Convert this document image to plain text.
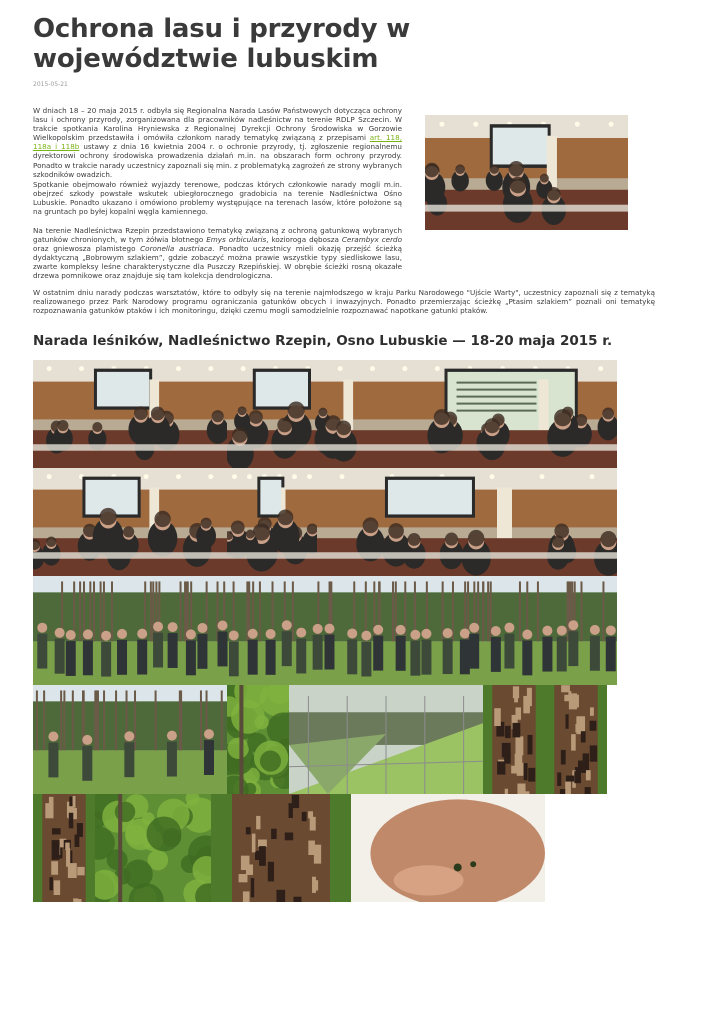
Ochrona lasu i przyrody w województwie lubuskim
2015-05-21

W dniach 18 – 20 maja 2015 r. odbyła się Regionalna Narada Lasów Państwowych dotycząca ochrony lasu i ochrony przyrody, zorganizowana dla pracowników nadleśnictw na terenie RDLP Szczecin. W trakcie spotkania Karolina Hryniewska z Regionalnej Dyrekcji Ochrony Środowiska w Gorzowie Wielkopolskim przedstawiła i omówiła członkom narady tematykę związaną z przepisami art. 118, 118a i 118b ustawy z dnia 16 kwietnia 2004 r. o ochronie przyrody, tj. zgłoszenie regionalnemu dyrektorowi ochrony środowiska prowadzenia działań m.in. na obszarach form ochrony przyrody. Ponadto w trakcie narady uczestnicy zapoznali się min. z problematyką zagrożeń ze strony wybranych szkodników owadzich.

Spotkanie obejmowało również wyjazdy terenowe, podczas których członkowie narady mogli m.in. obejrzeć szkody powstałe wskutek ubiegłorocznego gradobicia na terenie Nadleśnictwa Ośno Lubuskie. Ponadto ukazano i omówiono problemy występujące na terenach lasów, które położone są na gruntach po byłej kopalni węgla kamiennego.

Na terenie Nadleśnictwa Rzepin przedstawiono tematykę związaną z ochroną gatunkową wybranych gatunków chronionych, w tym żółwia błotnego Emys orbicularis, kozioroga dębosza Cerambyx cerdo oraz gniewosza plamistego Coronella austriaca. Ponadto uczestnicy mieli okazję przejść ścieżką dydaktyczną „Bobrowym szlakiem”, gdzie zobaczyć można prawie wszystkie typy siedliskowe lasu, zwarte kompleksy leśne charakterystyczne dla Puszczy Rzepińskiej. W obrębie ścieżki rosną okazałe drzewa pomnikowe oraz znajduje się tam kolekcja dendrologiczna.

W ostatnim dniu narady podczas warsztatów, które to odbyły się na terenie najmłodszego w kraju Parku Narodowego "Ujście Warty", uczestnicy zapoznali się z tematyką realizowanego przez Park Narodowy programu ograniczania gatunków obcych i inwazyjnych. Ponadto przemierzając ścieżkę „Ptasim szlakiem” poznali oni tematykę rozpoznawania gatunków ptaków i ich monitoringu, dzięki czemu mogli samodzielnie rozpoznawać napotkane gatunki ptaków.

Narada leśników, Nadleśnictwo Rzepin, Osno Lubuskie — 18-20 maja 2015 r.
